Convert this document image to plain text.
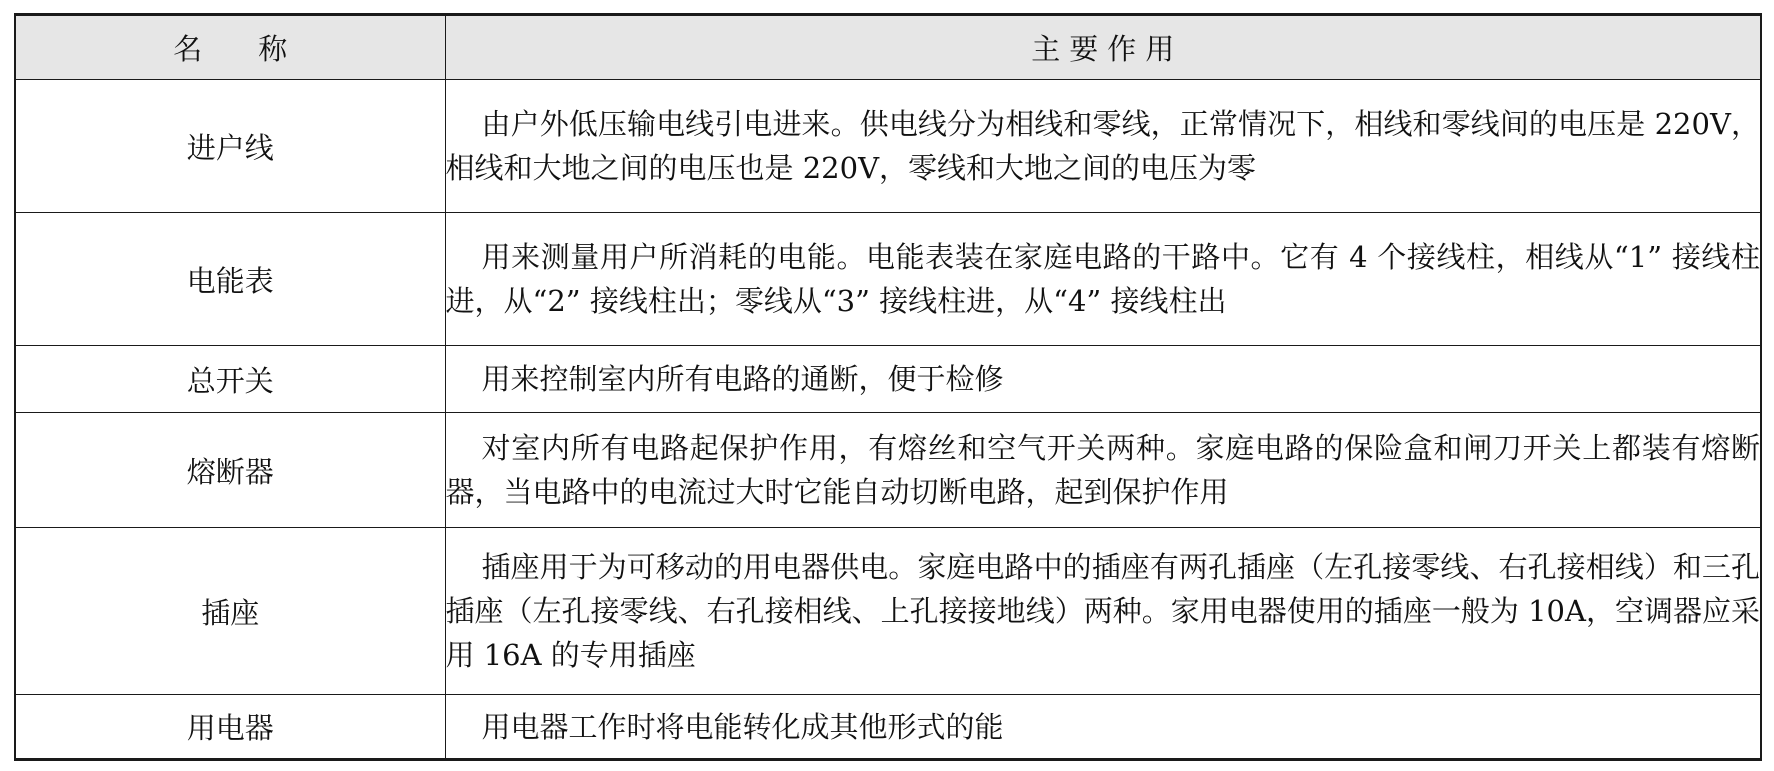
名称	主要作用
进户线	由户外低压输电线引电进来。供电线分为相线和零线，正常情况下，相线和零线间的电压是 220V，相线和大地之间的电压也是 220V，零线和大地之间的电压为零
电能表	用来测量用户所消耗的电能。电能表装在家庭电路的干路中。它有 4 个接线柱，相线从“1” 接线柱进，从“2” 接线柱出；零线从“3” 接线柱进，从“4” 接线柱出
总开关	用来控制室内所有电路的通断，便于检修
熔断器	对室内所有电路起保护作用，有熔丝和空气开关两种。家庭电路的保险盒和闸刀开关上都装有熔断器，当电路中的电流过大时它能自动切断电路，起到保护作用
插座	插座用于为可移动的用电器供电。家庭电路中的插座有两孔插座（左孔接零线、右孔接相线）和三孔插座（左孔接零线、右孔接相线、上孔接接地线）两种。家用电器使用的插座一般为 10A，空调器应采用 16A 的专用插座
用电器	用电器工作时将电能转化成其他形式的能
